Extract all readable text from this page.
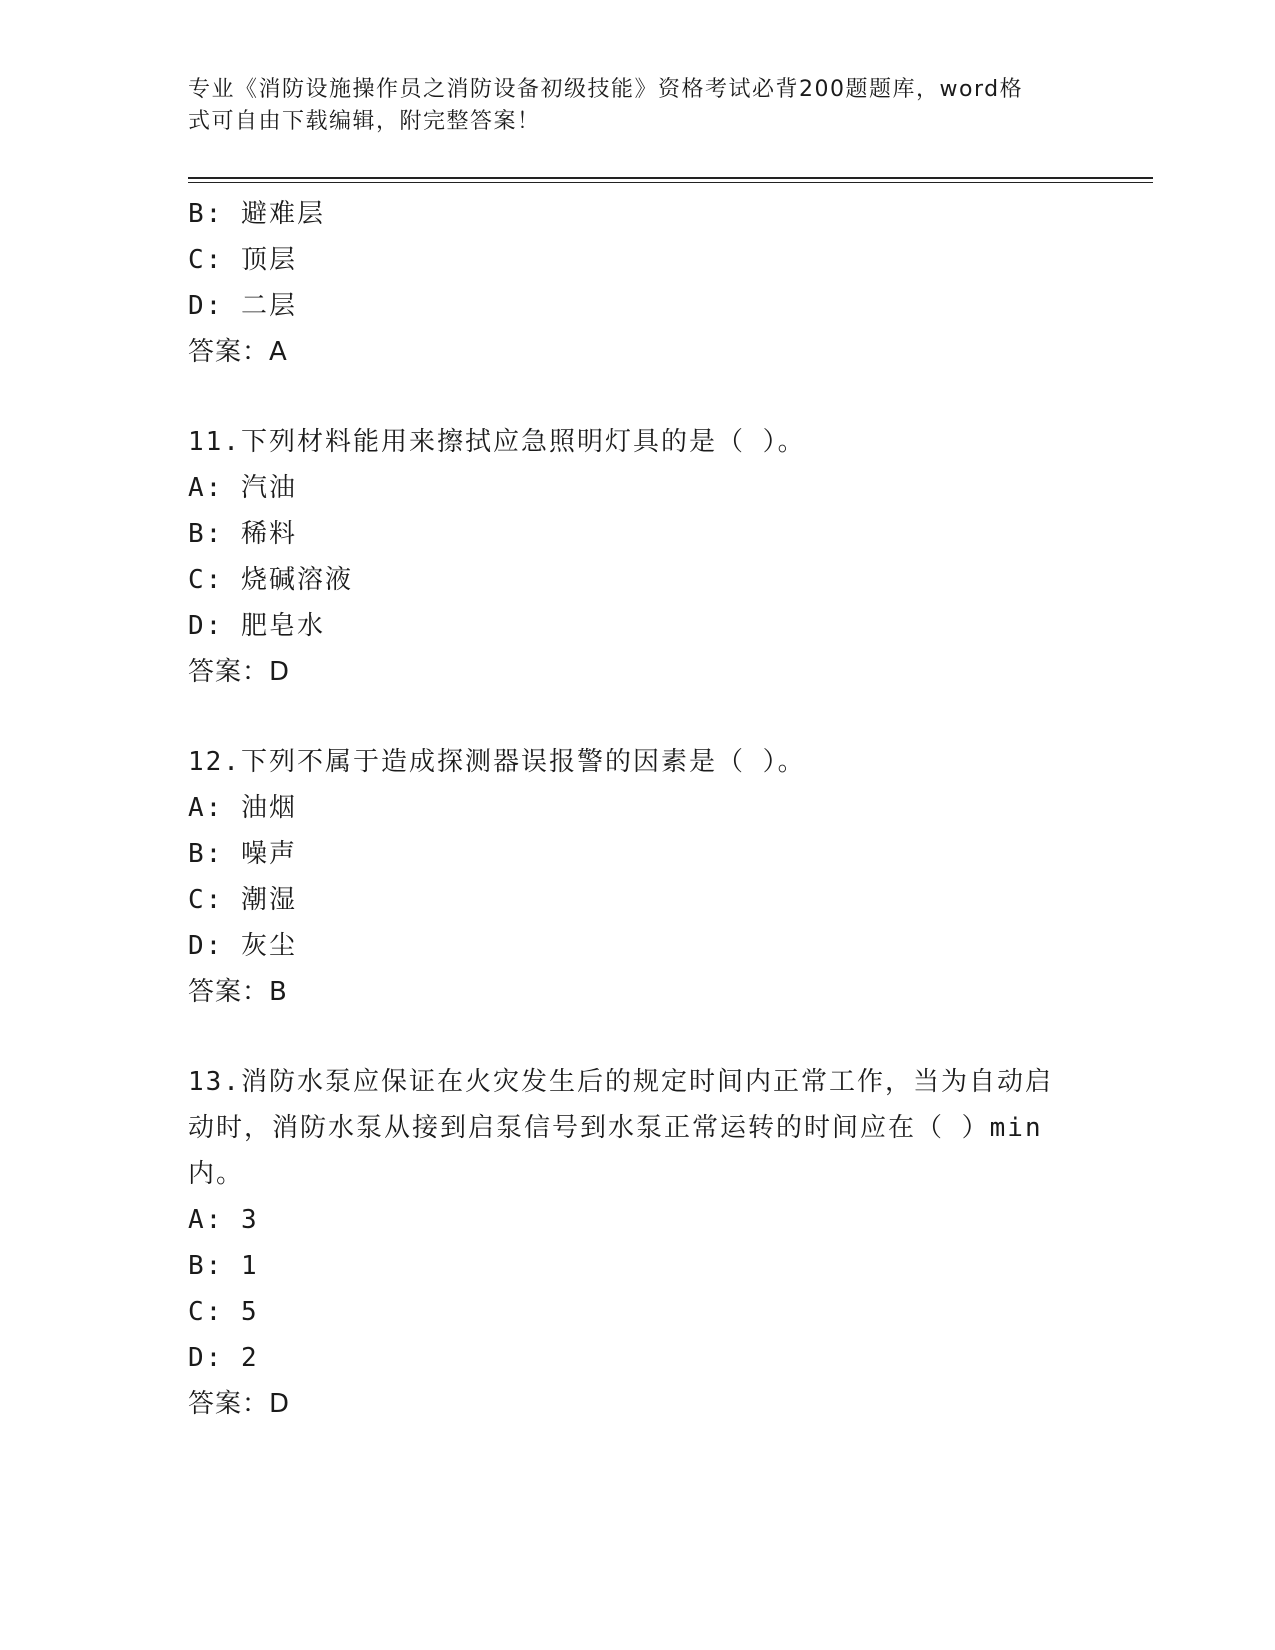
专业《消防设施操作员之消防设备初级技能》资格考试必背200题题库，word格
式可自由下载编辑，附完整答案！
B: 避难层
C: 顶层
D: 二层
答案：A
11.下列材料能用来擦拭应急照明灯具的是（ ）。
A: 汽油
B: 稀料
C: 烧碱溶液
D: 肥皂水
答案：D
12.下列不属于造成探测器误报警的因素是（ ）。
A: 油烟
B: 噪声
C: 潮湿
D: 灰尘
答案：B
13.消防水泵应保证在火灾发生后的规定时间内正常工作，当为自动启
动时，消防水泵从接到启泵信号到水泵正常运转的时间应在（ ）min
内。
A: 3
B: 1
C: 5
D: 2
答案：D
